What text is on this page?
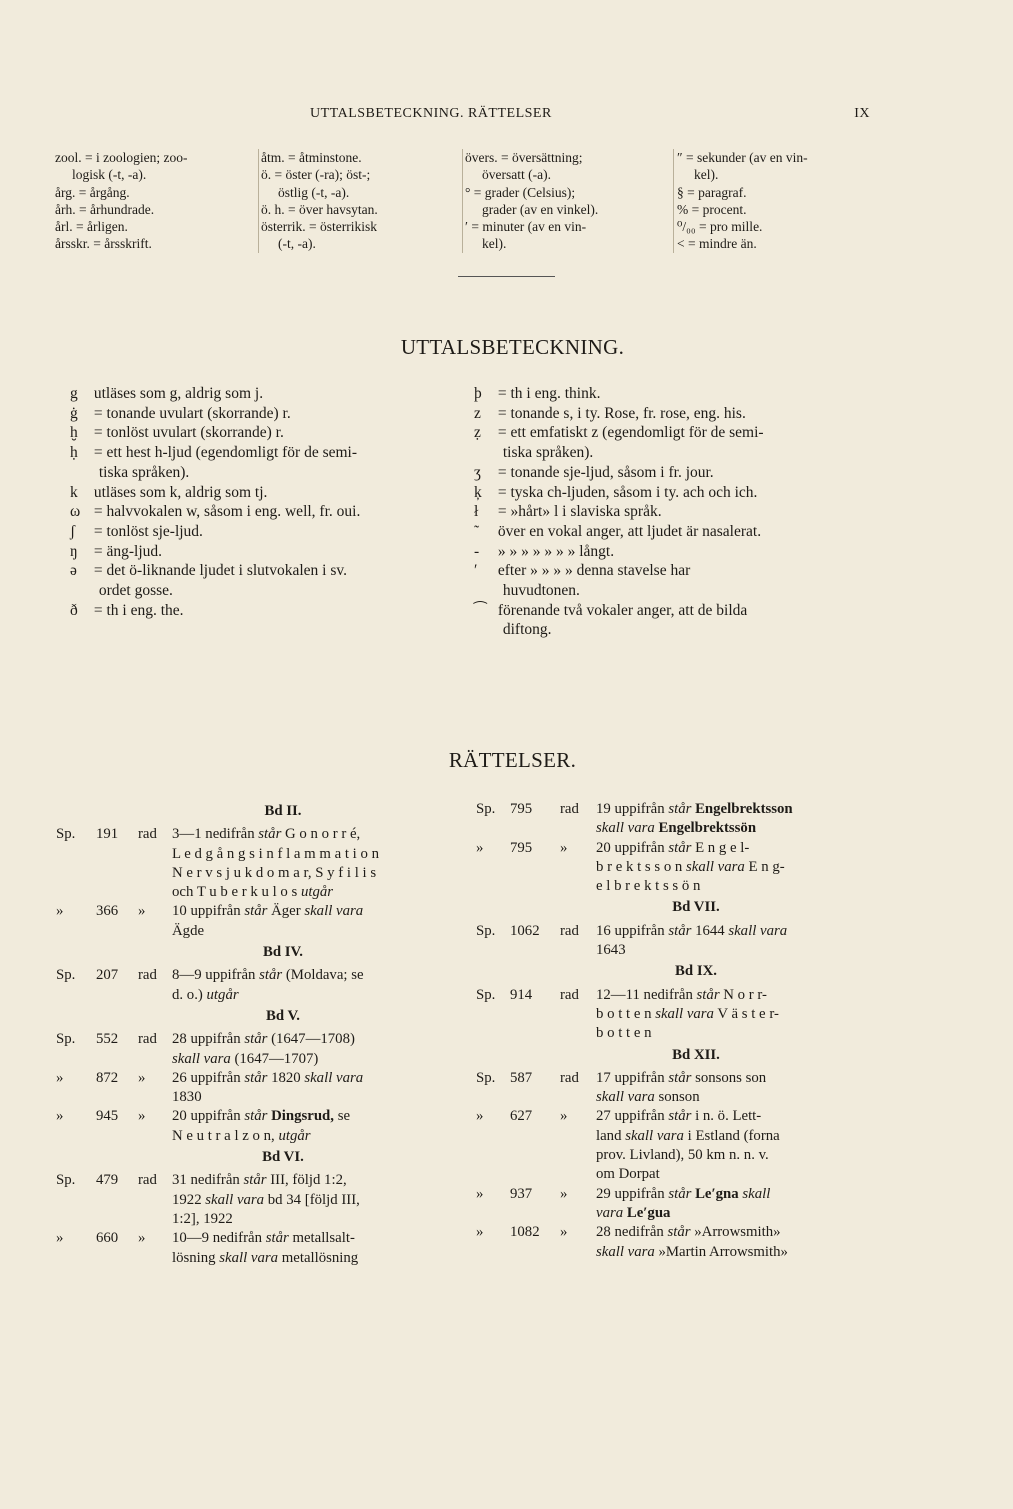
UTTALSBETECKNING. RÄTTELSER	IX
zool. = i zoologien; zoo-
logisk (-t, -a).
årg. = årgång.
årh. = århundrade.
årl. = årligen.
årsskr. = årsskrift.
åtm. = åtminstone.
ö. = öster (-ra); öst-;
östlig (-t, -a).
ö. h. = över havsytan.
österrik. = österrikisk
(-t, -a).
övers. = översättning;
översatt (-a).
° = grader (Celsius);
grader (av en vinkel).
′ = minuter (av en vin-
kel).
″ = sekunder (av en vin-
kel).
§ = paragraf.
% = procent.
⁰/₀₀ = pro mille.
< = mindre än.
UTTALSBETECKNING.
g utläses som g, aldrig som j.
ġ = tonande uvulart (skorrande) r.
ḫ = tonlöst uvulart (skorrande) r.
ḥ = ett hest h-ljud (egendomligt för de semi-
tiska språken).
k utläses som k, aldrig som tj.
ω = halvvokalen w, såsom i eng. well, fr. oui.
ʃ = tonlöst sje-ljud.
ŋ = äng-ljud.
ə = det ö-liknande ljudet i slutvokalen i sv.
ordet gosse.
ð = th i eng. the.
þ = th i eng. think.
z = tonande s, i ty. Rose, fr. rose, eng. his.
ẓ = ett emfatiskt z (egendomligt för de semi-
tiska språken).
ʒ = tonande sje-ljud, såsom i fr. jour.
ķ = tyska ch-ljuden, såsom i ty. ach och ich.
ł = »hårt» l i slaviska språk.
˜ över en vokal anger, att ljudet är nasalerat.
- » » » » » » » långt.
′ efter » » » » denna stavelse har
huvudtonen.
⁀ förenande två vokaler anger, att de bilda
diftong.
RÄTTELSER.
Bd II.
Sp.	191	rad	3—1 nedifrån står G o n o r r é,
L e d g å n g s i n f l a m m a t i o n
N e r v s j u k d o m a r, S y f i l i s
och T u b e r k u l o s utgår
»	366	»	10 uppifrån står Äger skall vara
Ägde
Bd IV.
Sp.	207	rad	8—9 uppifrån står (Moldava; se
d. o.) utgår
Bd V.
Sp.	552	rad	28 uppifrån står (1647—1708)
skall vara (1647—1707)
»	872	»	26 uppifrån står 1820 skall vara
1830
»	945	»	20 uppifrån står Dingsrud, se
N e u t r a l z o n, utgår
Bd VI.
Sp.	479	rad	31 nedifrån står III, följd 1:2,
1922 skall vara bd 34 [följd III,
1:2], 1922
»	660	»	10—9 nedifrån står metallsalt-
lösning skall vara metallösning
Sp. 795	rad	19 uppifrån står Engelbrektsson
skall vara Engelbrektssön
»	795	»	20 uppifrån står E n g e l-
b r e k t s s o n skall vara E n g-
e l b r e k t s s ö n
Bd VII.
Sp. 1062	rad	16 uppifrån står 1644 skall vara
1643
Bd IX.
Sp. 914	rad	12—11 nedifrån står N o r r-
b o t t e n skall vara V ä s t e r-
b o t t e n
Bd XII.
Sp. 587	rad	17 uppifrån står sonsons son
skall vara sonson
»	627	»	27 uppifrån står i n. ö. Lett-
land skall vara i Estland (forna
prov. Livland), 50 km n. n. v.
om Dorpat
»	937	»	29 uppifrån står Le′gna skall
vara Le′gua
»	1082	»	28 nedifrån står »Arrowsmith»
skall vara »Martin Arrowsmith»
